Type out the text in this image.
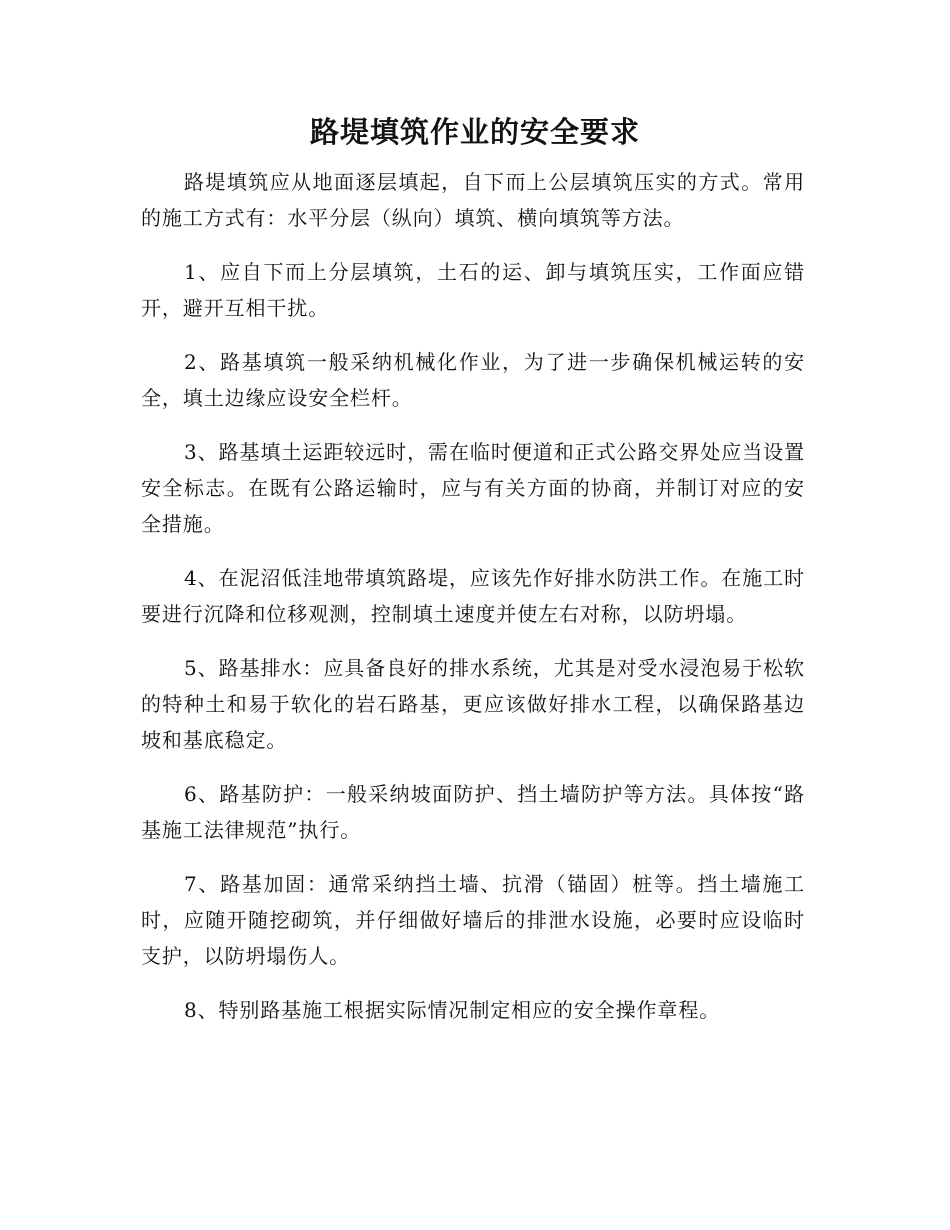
路堤填筑作业的安全要求

路堤填筑应从地面逐层填起，自下而上公层填筑压实的方式。常用的施工方式有：水平分层（纵向）填筑、横向填筑等方法。

1、应自下而上分层填筑，土石的运、卸与填筑压实，工作面应错开，避开互相干扰。

2、路基填筑一般采纳机械化作业，为了进一步确保机械运转的安全，填土边缘应设安全栏杆。

3、路基填土运距较远时，需在临时便道和正式公路交界处应当设置安全标志。在既有公路运输时，应与有关方面的协商，并制订对应的安全措施。

4、在泥沼低洼地带填筑路堤，应该先作好排水防洪工作。在施工时要进行沉降和位移观测，控制填土速度并使左右对称，以防坍塌。

5、路基排水：应具备良好的排水系统，尤其是对受水浸泡易于松软的特种土和易于软化的岩石路基，更应该做好排水工程，以确保路基边坡和基底稳定。

6、路基防护：一般采纳坡面防护、挡土墙防护等方法。具体按“路基施工法律规范”执行。

7、路基加固：通常采纳挡土墙、抗滑（锚固）桩等。挡土墙施工时，应随开随挖砌筑，并仔细做好墙后的排泄水设施，必要时应设临时支护，以防坍塌伤人。

8、特别路基施工根据实际情况制定相应的安全操作章程。
